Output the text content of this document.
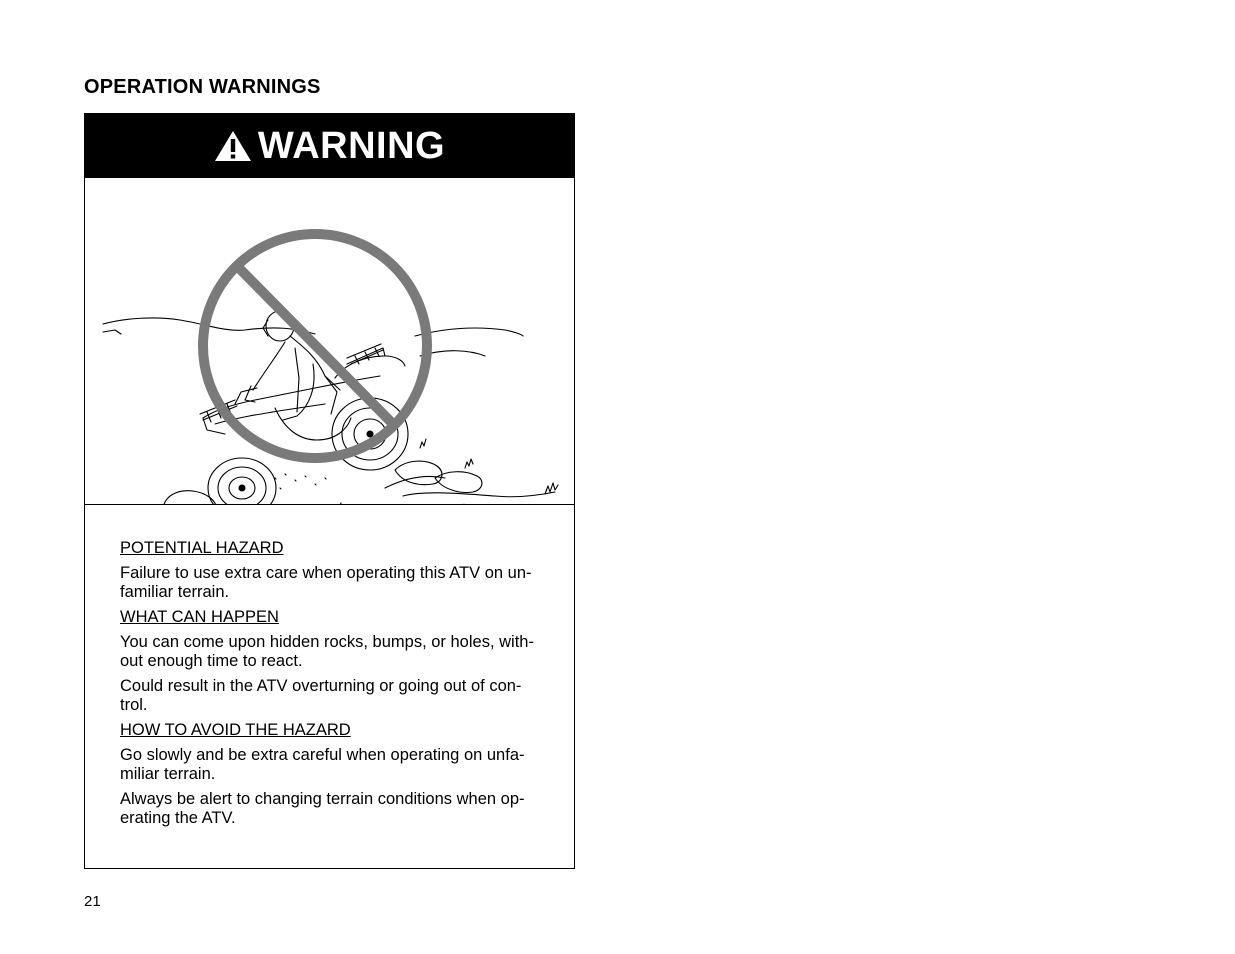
OPERATION WARNINGS
WARNING

POTENTIAL HAZARD

Failure to use extra care when operating this ATV on un-familiar terrain.

WHAT CAN HAPPEN

You can come upon hidden rocks, bumps, or holes, with-out enough time to react.

Could result in the ATV overturning or going out of con-trol.

HOW TO AVOID THE HAZARD

Go slowly and be extra careful when operating on unfa-miliar terrain.

Always be alert to changing terrain conditions when op-erating the ATV.

21
